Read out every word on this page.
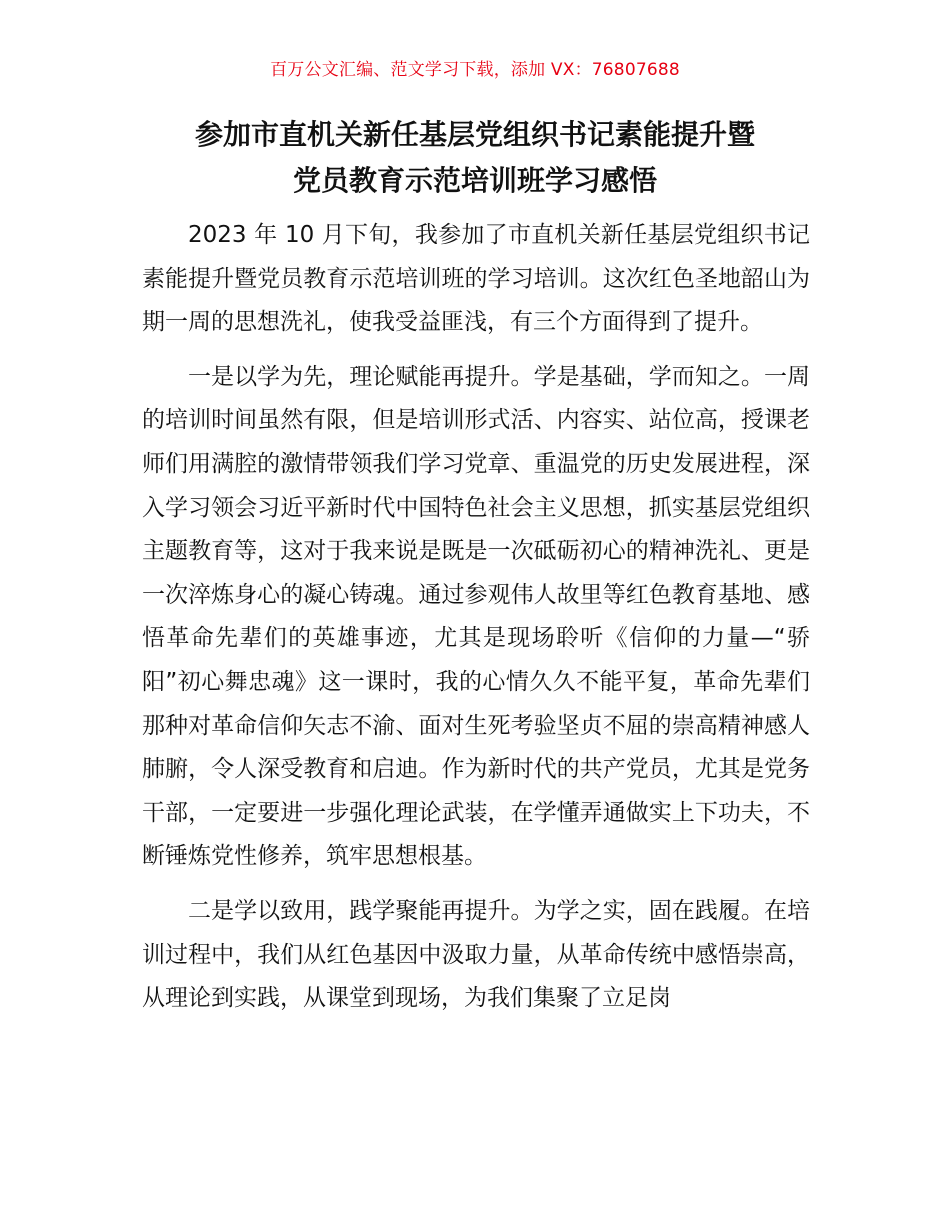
百万公文汇编、范文学习下载，添加 VX：76807688
参加市直机关新任基层党组织书记素能提升暨
党员教育示范培训班学习感悟

2023 年 10 月下旬，我参加了市直机关新任基层党组织书记素能提升暨党员教育示范培训班的学习培训。这次红色圣地韶山为期一周的思想洗礼，使我受益匪浅，有三个方面得到了提升。

一是以学为先，理论赋能再提升。学是基础，学而知之。一周的培训时间虽然有限，但是培训形式活、内容实、站位高，授课老师们用满腔的激情带领我们学习党章、重温党的历史发展进程，深入学习领会习近平新时代中国特色社会主义思想，抓实基层党组织主题教育等，这对于我来说是既是一次砥砺初心的精神洗礼、更是一次淬炼身心的凝心铸魂。通过参观伟人故里等红色教育基地、感悟革命先辈们的英雄事迹，尤其是现场聆听《信仰的力量—“骄阳”初心舞忠魂》这一课时，我的心情久久不能平复，革命先辈们那种对革命信仰矢志不渝、面对生死考验坚贞不屈的崇高精神感人肺腑，令人深受教育和启迪。作为新时代的共产党员，尤其是党务干部，一定要进一步强化理论武装，在学懂弄通做实上下功夫，不断锤炼党性修养，筑牢思想根基。

二是学以致用，践学聚能再提升。为学之实，固在践履。在培训过程中，我们从红色基因中汲取力量，从革命传统中感悟崇高，从理论到实践，从课堂到现场，为我们集聚了立足岗
